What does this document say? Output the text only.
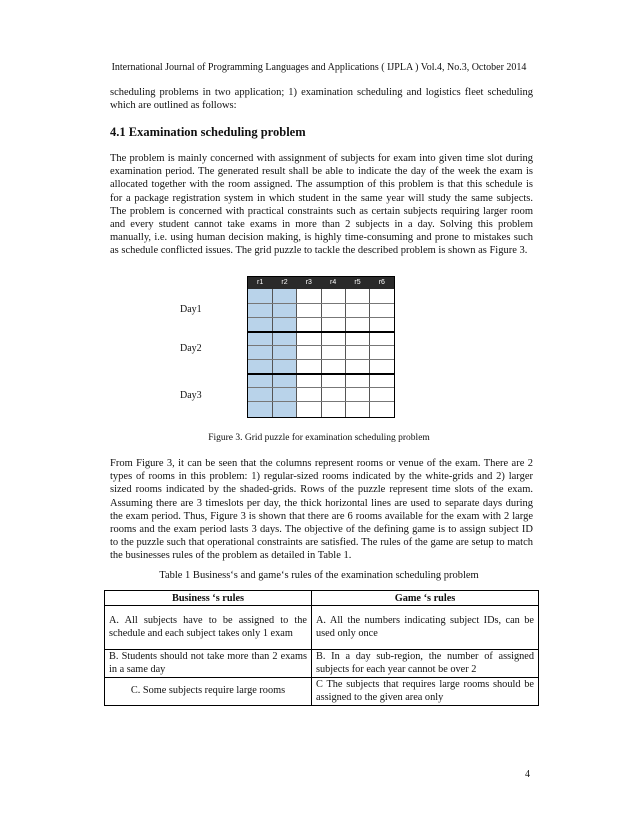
International Journal of Programming Languages and Applications ( IJPLA ) Vol.4, No.3, October 2014

scheduling problems in two application; 1) examination scheduling and logistics fleet scheduling which are outlined as follows:

4.1 Examination scheduling problem

The problem is mainly concerned with assignment of subjects for exam into given time slot during examination period. The generated result shall be able to indicate the day of the week the exam is allocated together with the room assigned. The assumption of this problem is that this schedule is for a package registration system in which student in the same year will study the same subjects. The problem is concerned with practical constraints such as certain subjects requiring larger room and every student cannot take exams in more than 2 subjects in a day. Solving this problem manually, i.e. using human decision making, is highly time-consuming and prone to mistakes such as schedule conflicted issues. The grid puzzle to tackle the described problem is shown as Figure 3.

Day1
Day2
Day3
r1	r2	r3	r4	r5	r6
Figure 3. Grid puzzle for examination scheduling problem

From Figure 3, it can be seen that the columns represent rooms or venue of the exam. There are 2 types of rooms in this problem: 1) regular-sized rooms indicated by the white-grids and 2) larger sized rooms indicated by the shaded-grids. Rows of the puzzle represent time slots of the exam. Assuming there are 3 timeslots per day, the thick horizontal lines are used to separate days during the exam period. Thus, Figure 3 is shown that there are 6 rooms available for the exam with 2 large rooms and the exam period lasts 3 days. The objective of the defining game is to assign subject ID to the puzzle such that operational constraints are satisfied. The rules of the game are setup to match the businesses rules of the problem as detailed in Table 1.

Table 1 Business‘s and game‘s rules of the examination scheduling problem
Business ‘s rules	Game ‘s rules
A. All subjects have to be assigned to the schedule and each subject takes only 1 exam	A. All the numbers indicating subject IDs, can be used only once
B. Students should not take more than 2 exams in a same day	B. In a day sub-region, the number of assigned subjects for each year cannot be over 2
C. Some subjects require large rooms	C The subjects that requires large rooms should be assigned to the given area only
4
